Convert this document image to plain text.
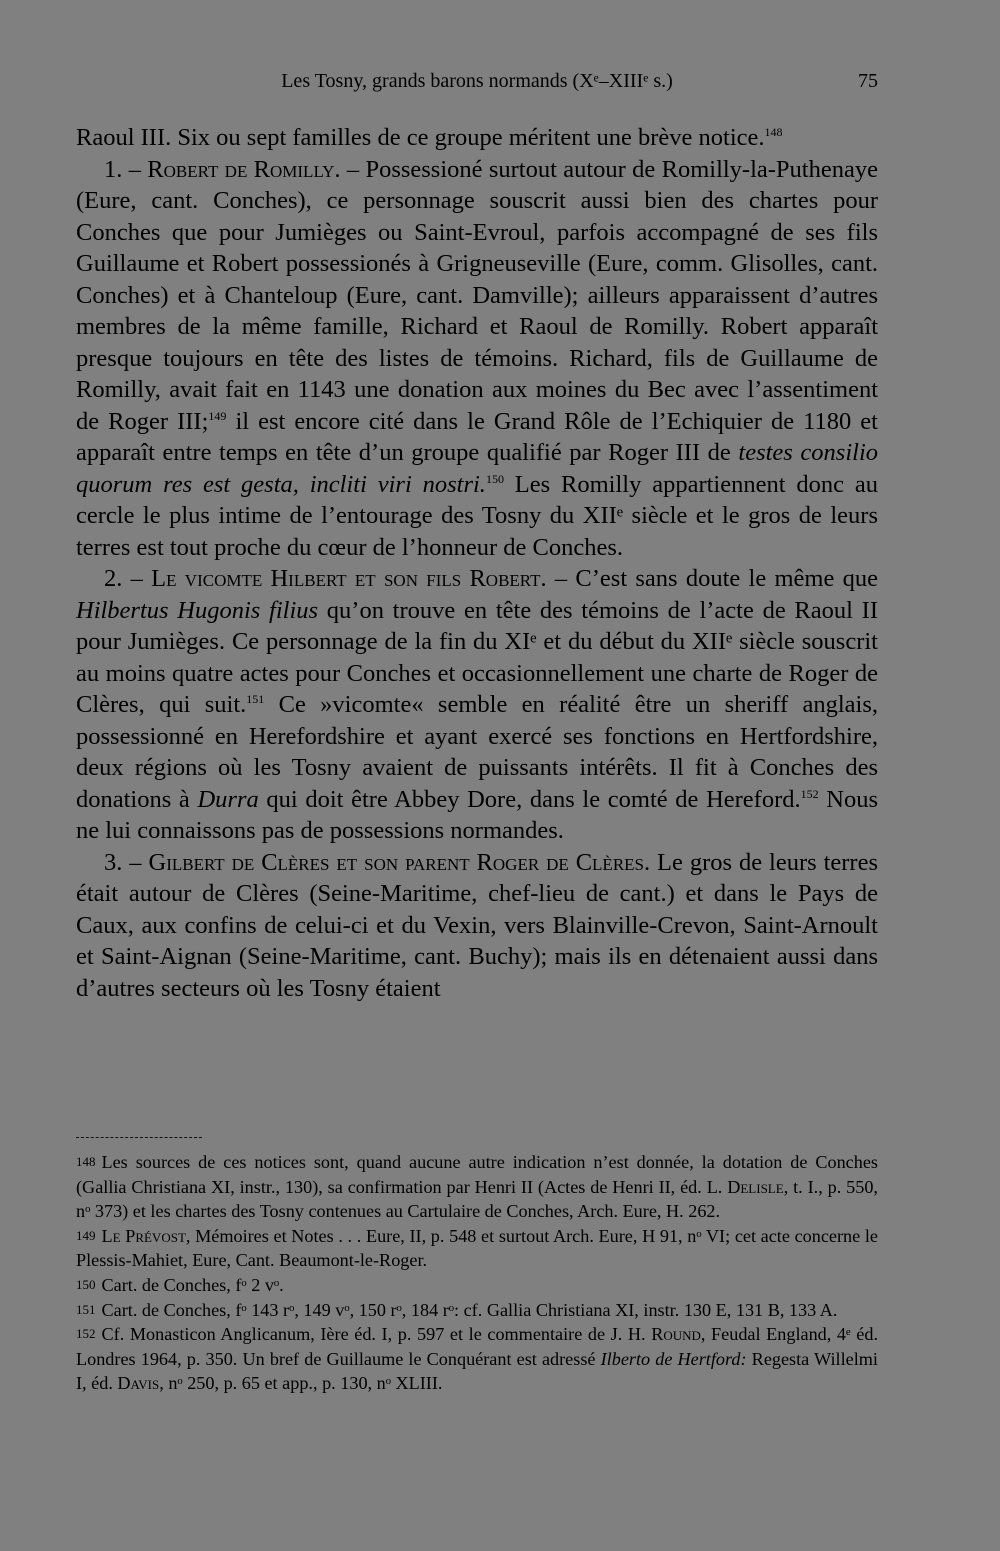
Les Tosny, grands barons normands (Xᵉ–XIIIᵉ s.)	75

Raoul III. Six ou sept familles de ce groupe méritent une brève notice.$^{148}$

1. – Robert de Romilly. – Possessioné surtout autour de Romilly-la-Puthenaye (Eure, cant. Conches), ce personnage souscrit aussi bien des chartes pour Conches que pour Jumièges ou Saint-Evroul, parfois accompagné de ses fils Guillaume et Robert possessionés à Grigneuseville (Eure, comm. Glisolles, cant. Conches) et à Chanteloup (Eure, cant. Damville); ailleurs apparaissent d’autres membres de la même famille, Richard et Raoul de Romilly. Robert apparaît presque toujours en tête des listes de témoins. Richard, fils de Guillaume de Romilly, avait fait en 1143 une donation aux moines du Bec avec l’assentiment de Roger III;$^{149}$ il est encore cité dans le Grand Rôle de l’Echiquier de 1180 et apparaît entre temps en tête d’un groupe qualifié par Roger III de testes consilio quorum res est gesta, incliti viri nostri.$^{150}$ Les Romilly appartiennent donc au cercle le plus intime de l’entourage des Tosny du XIIᵉ siècle et le gros de leurs terres est tout proche du cœur de l’honneur de Conches.

2. – Le vicomte Hilbert et son fils Robert. – C’est sans doute le même que Hilbertus Hugonis filius qu’on trouve en tête des témoins de l’acte de Raoul II pour Jumièges. Ce personnage de la fin du XIᵉ et du début du XIIᵉ siècle souscrit au moins quatre actes pour Conches et occasionnellement une charte de Roger de Clères, qui suit.$^{151}$ Ce »vicomte« semble en réalité être un sheriff anglais, possessionné en Herefordshire et ayant exercé ses fonctions en Hertfordshire, deux régions où les Tosny avaient de puissants intérêts. Il fit à Conches des donations à Durra qui doit être Abbey Dore, dans le comté de Hereford.$^{152}$ Nous ne lui connaissons pas de possessions normandes.

3. – Gilbert de Clères et son parent Roger de Clères. Le gros de leurs terres était autour de Clères (Seine-Maritime, chef-lieu de cant.) et dans le Pays de Caux, aux confins de celui-ci et du Vexin, vers Blainville-Crevon, Saint-Arnoult et Saint-Aignan (Seine-Maritime, cant. Buchy); mais ils en détenaient aussi dans d’autres secteurs où les Tosny étaient

$^{148}$ Les sources de ces notices sont, quand aucune autre indication n’est donnée, la dotation de Conches (Gallia Christiana XI, instr., 130), sa confirmation par Henri II (Actes de Henri II, éd. L. Delisle, t. I., p. 550, nᵒ 373) et les chartes des Tosny contenues au Cartulaire de Conches, Arch. Eure, H. 262.

$^{149}$ Le Prévost, Mémoires et Notes . . . Eure, II, p. 548 et surtout Arch. Eure, H 91, nᵒ VI; cet acte concerne le Plessis-Mahiet, Eure, Cant. Beaumont-le-Roger.

$^{150}$ Cart. de Conches, fᵒ 2 vᵒ.

$^{151}$ Cart. de Conches, fᵒ 143 rᵒ, 149 vᵒ, 150 rᵒ, 184 rᵒ: cf. Gallia Christiana XI, instr. 130 E, 131 B, 133 A.

$^{152}$ Cf. Monasticon Anglicanum, Ière éd. I, p. 597 et le commentaire de J. H. Round, Feudal England, 4ᵉ éd. Londres 1964, p. 350. Un bref de Guillaume le Conquérant est adressé Ilberto de Hertford: Regesta Willelmi I, éd. Davis, nᵒ 250, p. 65 et app., p. 130, nᵒ XLIII.
